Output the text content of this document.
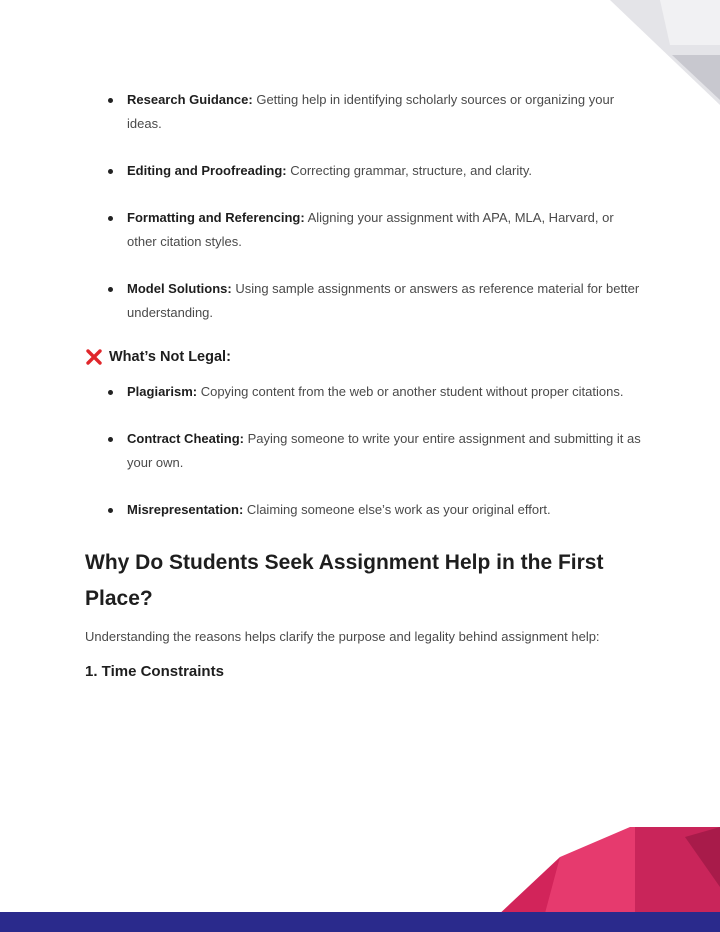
Research Guidance: Getting help in identifying scholarly sources or organizing your ideas.
Editing and Proofreading: Correcting grammar, structure, and clarity.
Formatting and Referencing: Aligning your assignment with APA, MLA, Harvard, or other citation styles.
Model Solutions: Using sample assignments or answers as reference material for better understanding.
What’s Not Legal:
Plagiarism: Copying content from the web or another student without proper citations.
Contract Cheating: Paying someone to write your entire assignment and submitting it as your own.
Misrepresentation: Claiming someone else’s work as your original effort.
Why Do Students Seek Assignment Help in the First Place?
Understanding the reasons helps clarify the purpose and legality behind assignment help:
1. Time Constraints
